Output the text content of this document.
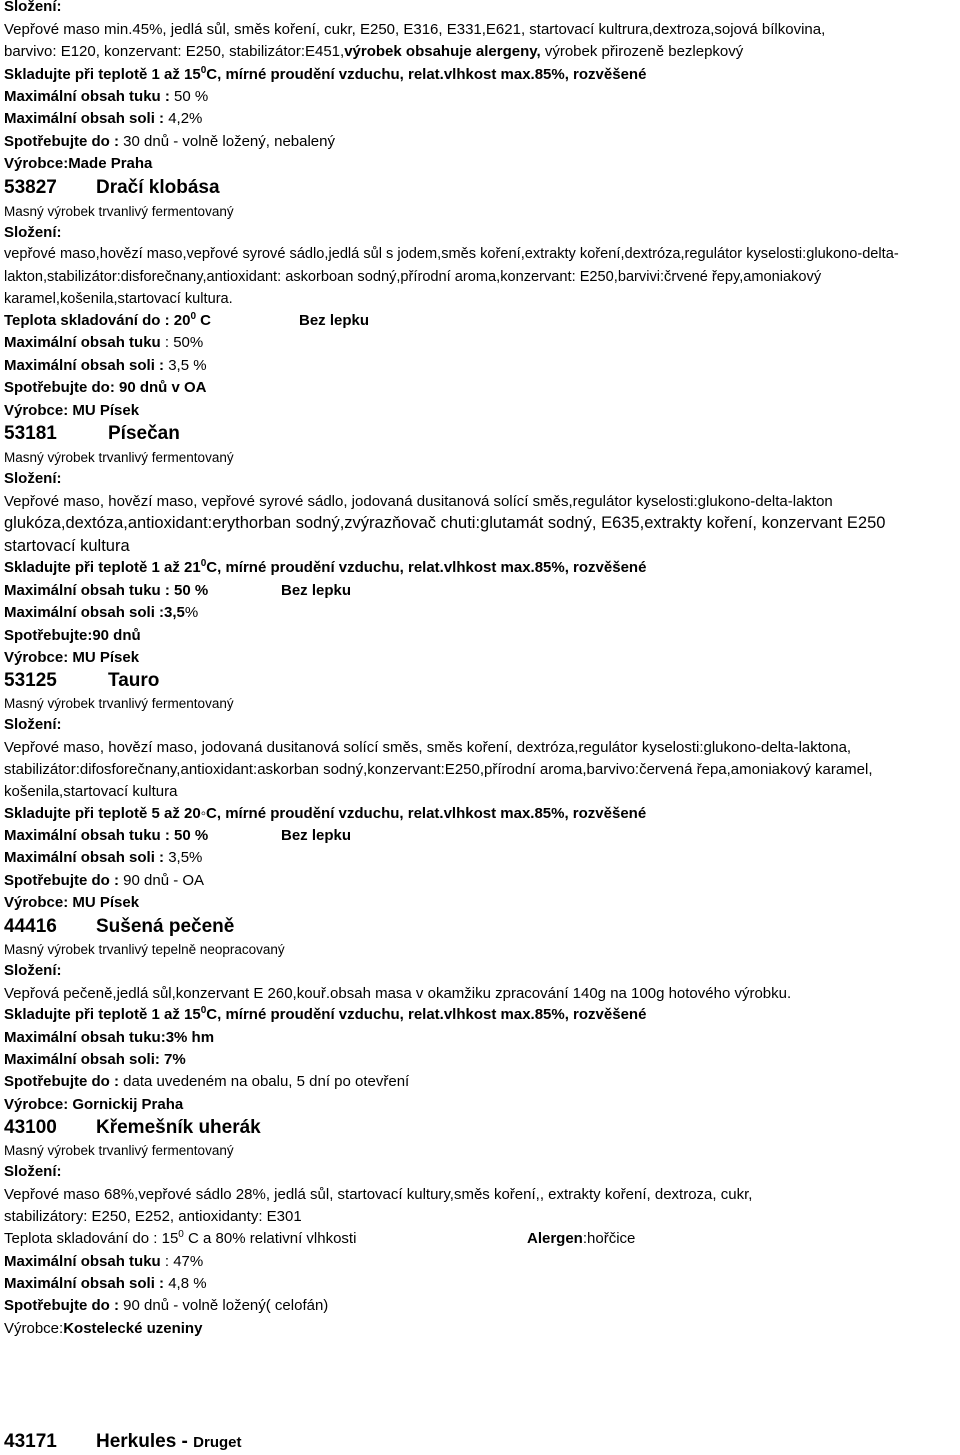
Složení:
Vepřové maso min.45%, jedlá sůl, směs koření, cukr, E250, E316, E331,E621, startovací kultrura,dextroza,sojová bílkovina,
barvivo: E120, konzervant: E250, stabilizátor:E451,výrobek obsahuje alergeny, výrobek přirozeně bezlepkový
Skladujte při teplotě 1 až $15^0C$, mírné proudění vzduchu, relat.vlhkost max.85%, rozvěšené
Maximální obsah tuku : 50 %
Maximální obsah soli : 4,2%
Spotřebujte do : 30 dnů - volně ložený, nebalený
Výrobce:Made Praha
53827 Dračí klobása
Masný výrobek trvanlivý fermentovaný
Složení:
vepřové maso,hovězí maso,vepřové syrové sádlo,jedlá sůl s jodem,směs koření,extrakty koření,dextróza,regulátor kyselosti:glukono-delta-lakton,stabilizátor:disforečnany,antioxidant: askorboan sodný,přírodní aroma,konzervant: E250,barvivi:črvené řepy,amoniakový karamel,košenila,startovací kultura.
Teplota skladování do : $20^0$ C	Bez lepku
Maximální obsah tuku : 50%
Maximální obsah soli : 3,5 %
Spotřebujte do: 90 dnů v OA
Výrobce: MU Písek
53181	Písečan
Masný výrobek trvanlivý fermentovaný
Složení:
Vepřové maso, hovězí maso, vepřové syrové sádlo, jodovaná dusitanová solící směs,regulátor kyselosti:glukono-delta-lakton
glukóza,dextóza,antioxidant:erythorban sodný,zvýrazňovač chuti:glutamát sodný, E635,extrakty koření, konzervant E250
startovací kultura
Skladujte při teplotě 1 až $21^0C$, mírné proudění vzduchu, relat.vlhkost max.85%, rozvěšené
Maximální obsah tuku : 50 %	Bez lepku
Maximální obsah soli :3,5%
Spotřebujte:90 dnů
Výrobce: MU Písek
53125	Tauro
Masný výrobek trvanlivý fermentovaný
Složení:
Vepřové maso, hovězí maso, jodovaná dusitanová solící směs, směs koření, dextróza,regulátor kyselosti:glukono-delta-laktona,
stabilizátor:difosforečnany,antioxidant:askorban sodný,konzervant:E250,přírodní aroma,barvivo:červená řepa,amoniakový karamel,
košenila,startovací kultura
Skladujte při teplotě 5 až 20◦C, mírné proudění vzduchu, relat.vlhkost max.85%, rozvěšené
Maximální obsah tuku : 50 %	Bez lepku
Maximální obsah soli : 3,5%
Spotřebujte do : 90 dnů - OA
Výrobce: MU Písek
44416 Sušená pečeně
Masný výrobek trvanlivý tepelně neopracovaný
Složení:
Vepřová pečeně,jedlá sůl,konzervant E 260,kouř.obsah masa v okamžiku zpracování 140g na 100g hotového výrobku.
Skladujte při teplotě 1 až $15^0C$, mírné proudění vzduchu, relat.vlhkost max.85%, rozvěšené
Maximální obsah tuku:3% hm
Maximální obsah soli: 7%
Spotřebujte do : data uvedeném na obalu, 5 dní po otevření
Výrobce: Gornickij Praha
43100 Křemešník uherák
Masný výrobek trvanlivý fermentovaný
Složení:
Vepřové maso 68%,vepřové sádlo 28%, jedlá sůl, startovací kultury,směs koření,, extrakty koření, dextroza, cukr,
stabilizátory: E250, E252, antioxidanty: E301
Teplota skladování do : $15^0$ C a 80% relativní vlhkosti	Alergen:hořčice
Maximální obsah tuku : 47%
Maximální obsah soli : 4,8 %
Spotřebujte do : 90 dnů - volně ložený( celofán)
Výrobce:Kostelecké uzeniny
43171 Herkules - Druget
